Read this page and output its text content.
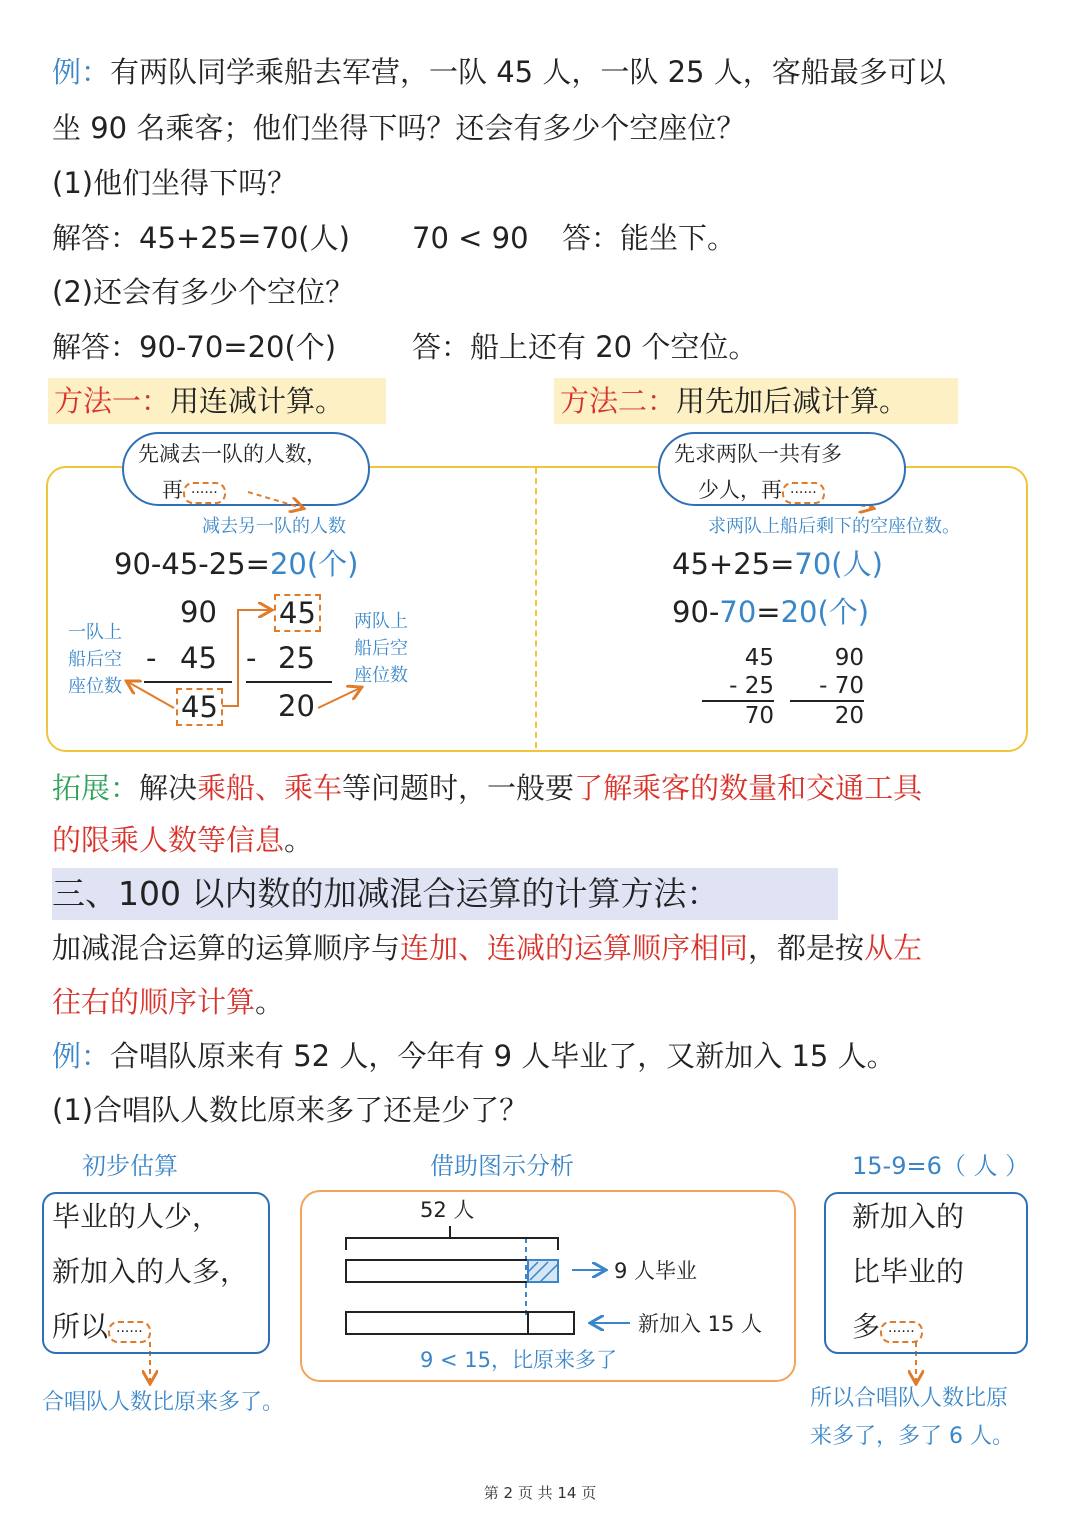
例：有两队同学乘船去军营，一队 45 人，一队 25 人，客船最多可以
坐 90 名乘客；他们坐得下吗？还会有多少个空座位？
(1)他们坐得下吗？
解答：45+25=70(人) 70 < 90 答：能坐下。
(2)还会有多少个空位？
解答：90-70=20(个)	答：船上还有 20 个空位。
方法一：用连减计算。	方法二：用先加后减计算。
先减去一队的人数，
再 ······
减去另一队的人数
90-45-25=20(个)
90
- 45
45
45
- 25
20
一队上
船后空
座位数
两队上
船后空
座位数
先求两队一共有多
少人，再 ······
求两队上船后剩下的空座位数。
45+25=70(人)
90-70=20(个)
45
- 25
70
90
- 70
20
拓展：解决乘船、乘车等问题时，一般要了解乘客的数量和交通工具
的限乘人数等信息。
三、100 以内数的加减混合运算的计算方法：
加减混合运算的运算顺序与连加、连减的运算顺序相同，都是按从左
往右的顺序计算。
例：合唱队原来有 52 人，今年有 9 人毕业了，又新加入 15 人。
(1)合唱队人数比原来多了还是少了？
初步估算
毕业的人少，
新加入的人多，
所以 ······
合唱队人数比原来多了。
借助图示分析
52 人
9 人毕业
新加入 15 人
9 < 15，比原来多了
15-9=6（ 人 ）
新加入的
比毕业的
多 ······
所以合唱队人数比原
来多了，多了 6 人。
第 2 页 共 14 页
